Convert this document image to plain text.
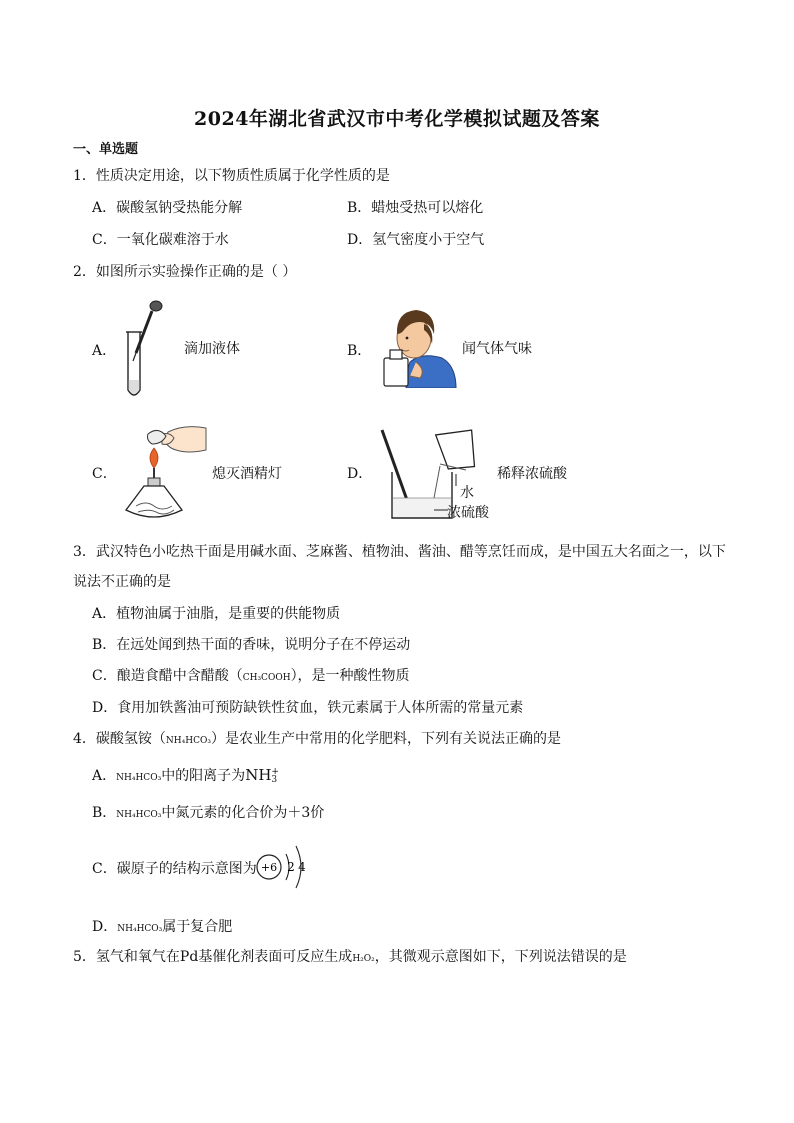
2024年湖北省武汉市中考化学模拟试题及答案
一、单选题
1．性质决定用途，以下物质性质属于化学性质的是
A．碳酸氢钠受热能分解	B．蜡烛受热可以熔化
C．一氧化碳难溶于水	D．氢气密度小于空气
2．如图所示实验操作正确的是（ ）
A．	滴加液体	B．	闻气体气味
C．	熄灭酒精灯	D．
水
浓硫酸
稀释浓硫酸
3．武汉特色小吃热干面是用碱水面、芝麻酱、植物油、酱油、醋等烹饪而成，是中国五大名面之一，以下
说法不正确的是
A．植物油属于油脂，是重要的供能物质
B．在远处闻到热干面的香味，说明分子在不停运动
C．酿造食醋中含醋酸（CH₃COOH），是一种酸性物质
D．食用加铁酱油可预防缺铁性贫血，铁元素属于人体所需的常量元素
4．碳酸氢铵（NH₄HCO₃）是农业生产中常用的化学肥料，下列有关说法正确的是
A．NH₄HCO₃中的阳离子为NH +
3
B．NH₄HCO₃中氮元素的化合价为＋3价
C．碳原子的结构示意图为 +6 2 4
D．NH₄HCO₃属于复合肥
5．氢气和氧气在Pd基催化剂表面可反应生成H₂O₂，其微观示意图如下，下列说法错误的是
